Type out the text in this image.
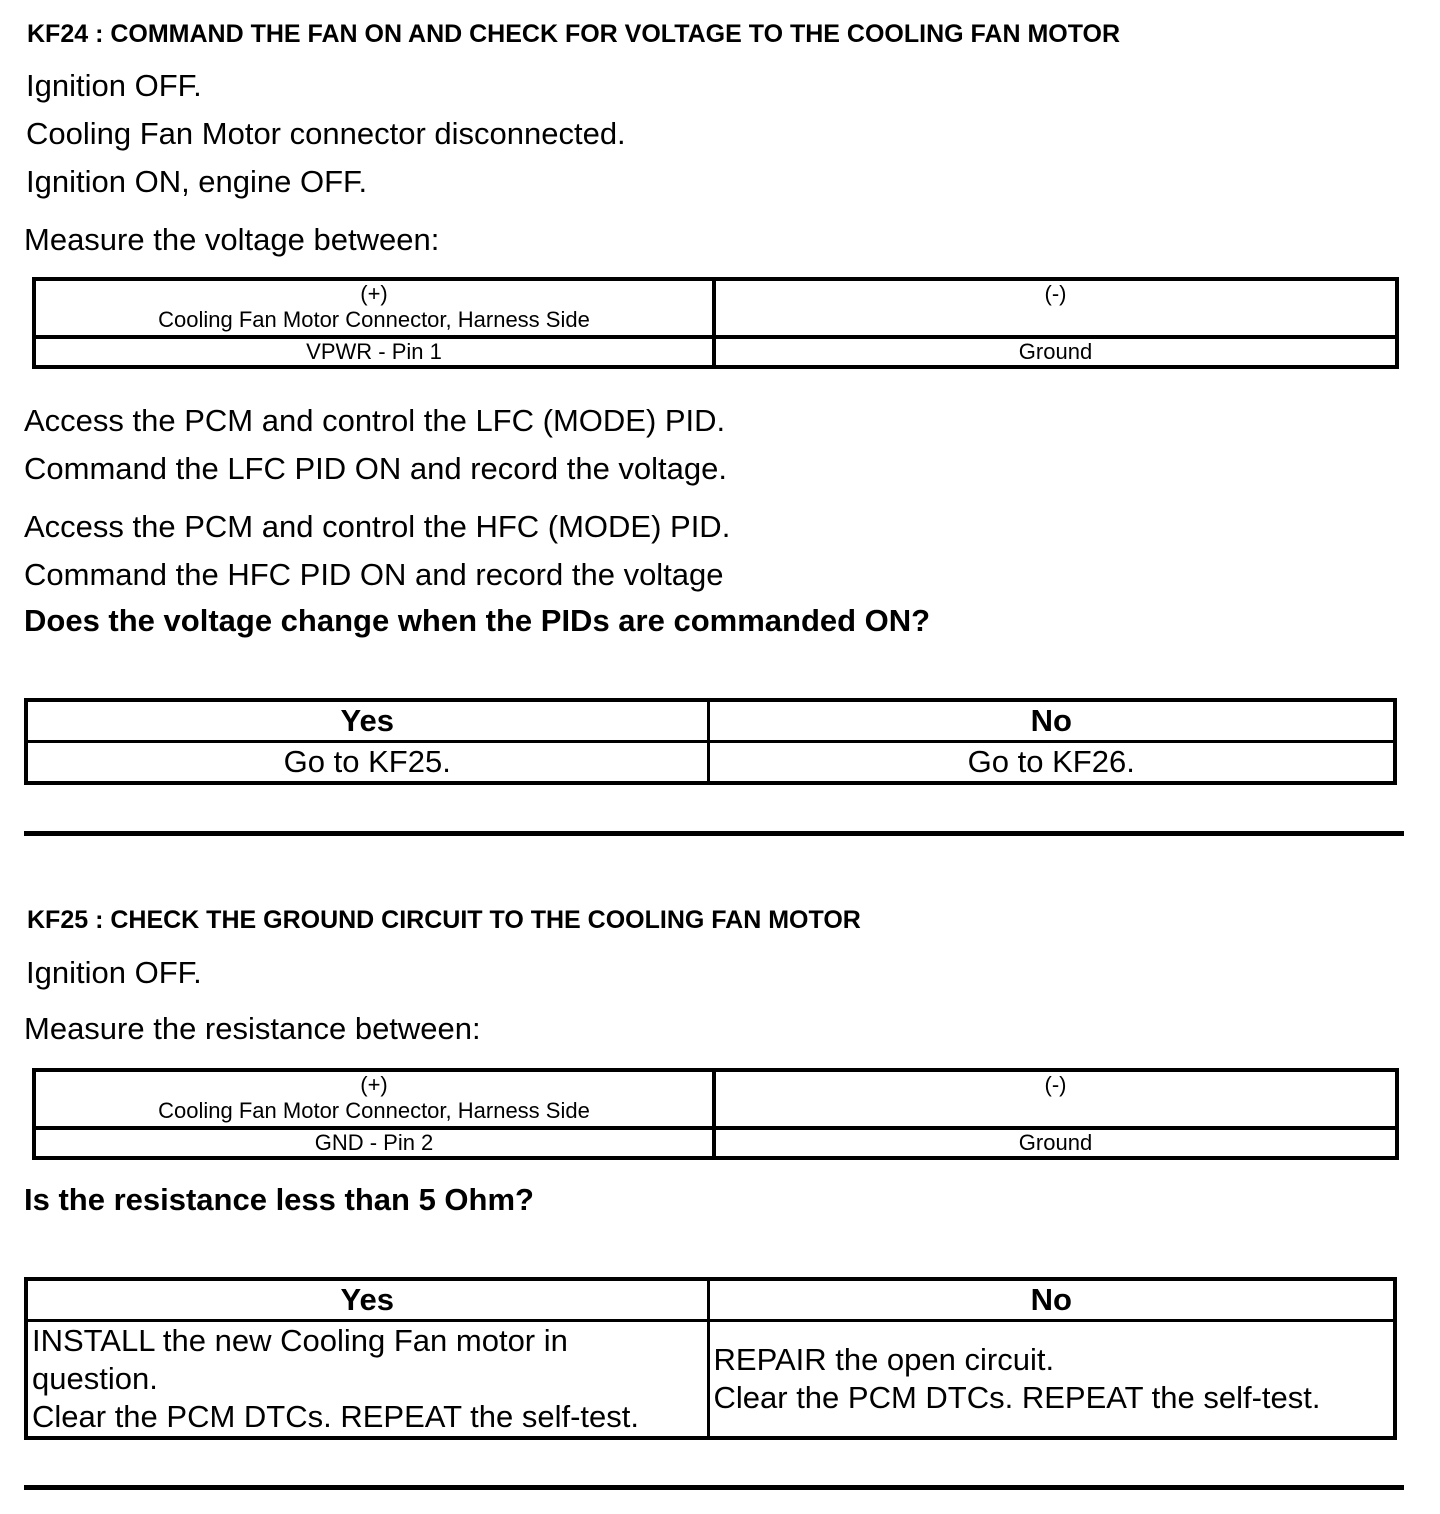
KF24 : COMMAND THE FAN ON AND CHECK FOR VOLTAGE TO THE COOLING FAN MOTOR
Ignition OFF.
Cooling Fan Motor connector disconnected.
Ignition ON, engine OFF.
Measure the voltage between:
(+)
Cooling Fan Motor Connector, Harness Side	(-)

VPWR - Pin 1	Ground
Access the PCM and control the LFC (MODE) PID.
Command the LFC PID ON and record the voltage.
Access the PCM and control the HFC (MODE) PID.
Command the HFC PID ON and record the voltage
Does the voltage change when the PIDs are commanded ON?
Yes	No
Go to KF25.	Go to KF26.
KF25 : CHECK THE GROUND CIRCUIT TO THE COOLING FAN MOTOR
Ignition OFF.
Measure the resistance between:
(+)
Cooling Fan Motor Connector, Harness Side	(-)

GND - Pin 2	Ground
Is the resistance less than 5 Ohm?
Yes	No

INSTALL the new Cooling Fan motor in
question.
Clear the PCM DTCs. REPEAT the self-test.

REPAIR the open circuit.
Clear the PCM DTCs. REPEAT the self-test.
